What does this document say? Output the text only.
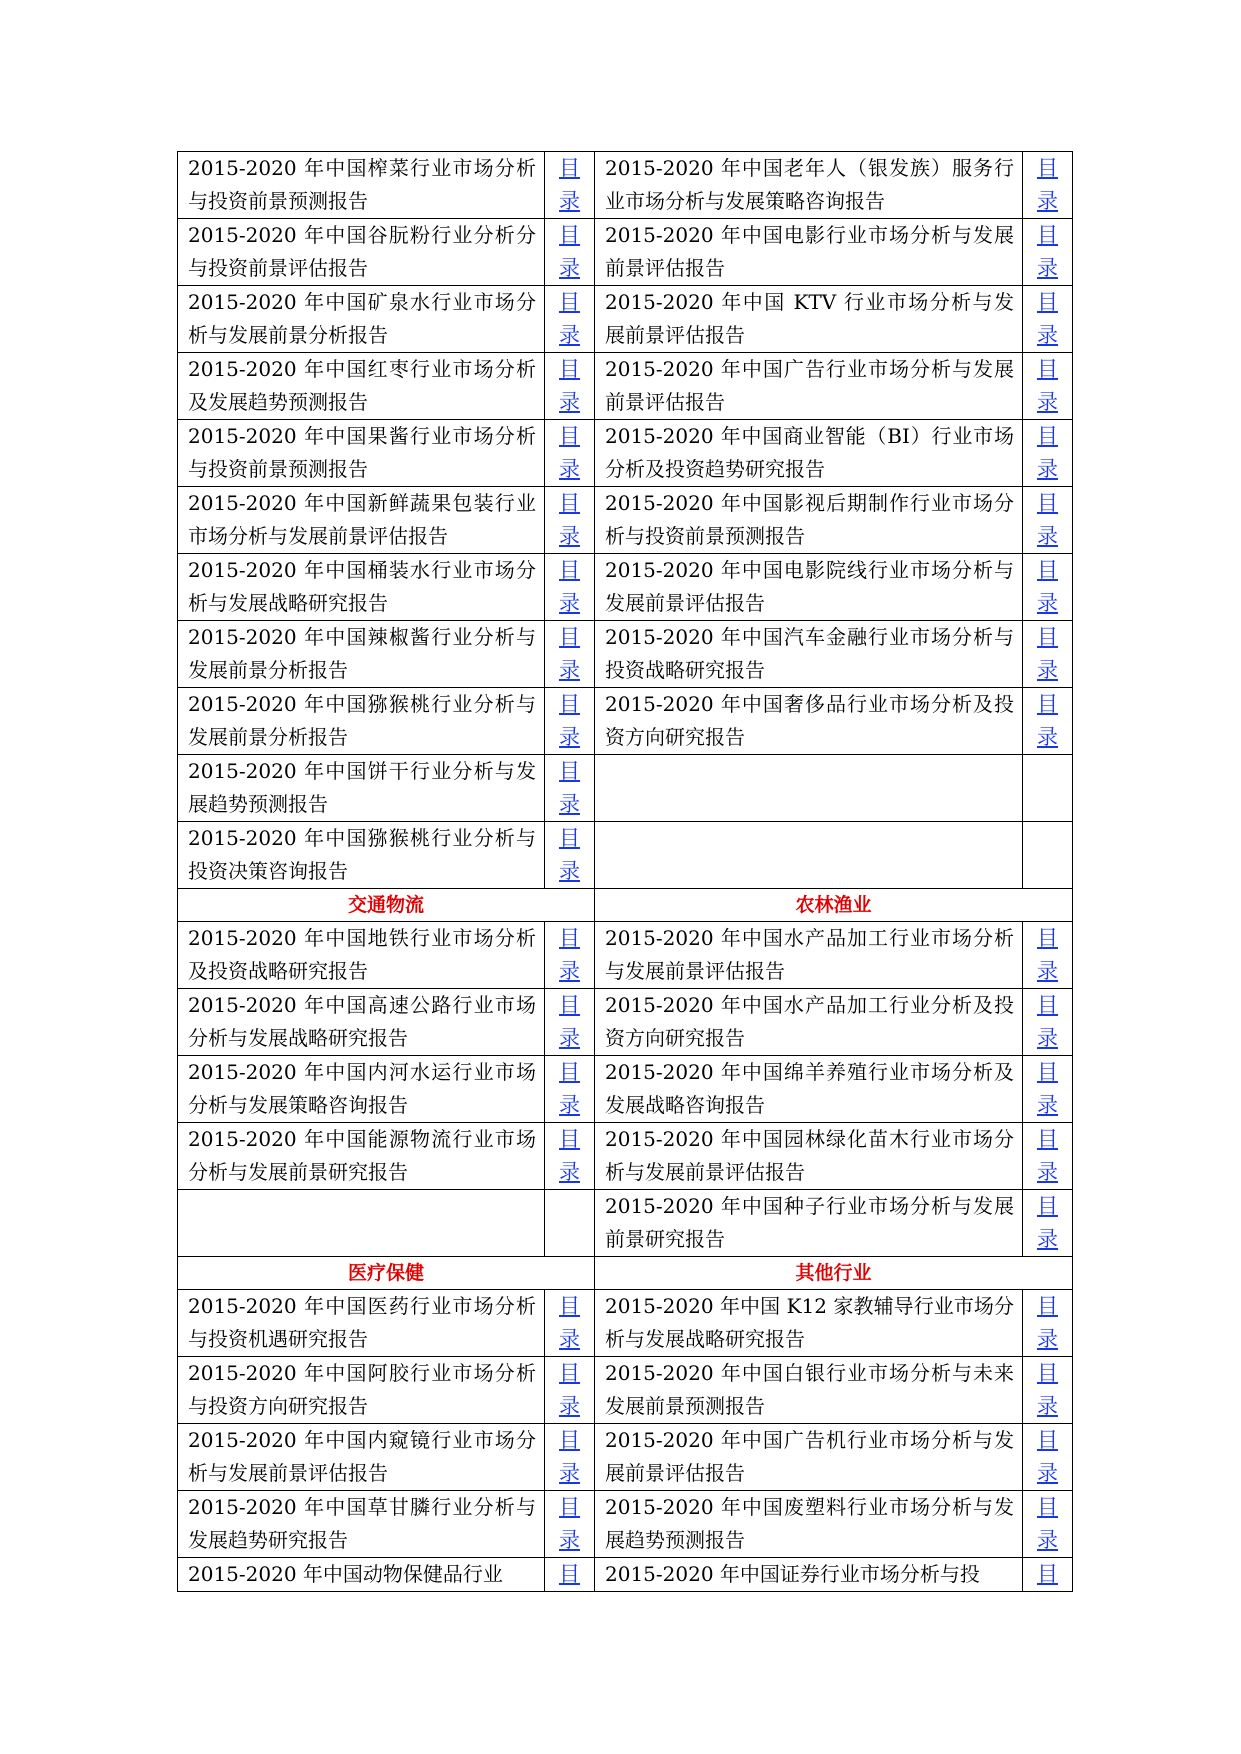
2015-2020 年中国榨菜行业市场分析与投资前景预测报告	目录	2015-2020 年中国老年人（银发族）服务行业市场分析与发展策略咨询报告	目录
2015-2020 年中国谷朊粉行业分析分与投资前景评估报告	目录	2015-2020 年中国电影行业市场分析与发展前景评估报告	目录
2015-2020 年中国矿泉水行业市场分析与发展前景分析报告	目录	2015-2020 年中国 KTV 行业市场分析与发展前景评估报告	目录
2015-2020 年中国红枣行业市场分析及发展趋势预测报告	目录	2015-2020 年中国广告行业市场分析与发展前景评估报告	目录
2015-2020 年中国果酱行业市场分析与投资前景预测报告	目录	2015-2020 年中国商业智能（BI）行业市场分析及投资趋势研究报告	目录
2015-2020 年中国新鲜蔬果包装行业市场分析与发展前景评估报告	目录	2015-2020 年中国影视后期制作行业市场分析与投资前景预测报告	目录
2015-2020 年中国桶装水行业市场分析与发展战略研究报告	目录	2015-2020 年中国电影院线行业市场分析与发展前景评估报告	目录
2015-2020 年中国辣椒酱行业分析与发展前景分析报告	目录	2015-2020 年中国汽车金融行业市场分析与投资战略研究报告	目录
2015-2020 年中国猕猴桃行业分析与发展前景分析报告	目录	2015-2020 年中国奢侈品行业市场分析及投资方向研究报告	目录
2015-2020 年中国饼干行业分析与发展趋势预测报告	目录		
2015-2020 年中国猕猴桃行业分析与投资决策咨询报告	目录		
交通物流		农林渔业	
2015-2020 年中国地铁行业市场分析及投资战略研究报告	目录	2015-2020 年中国水产品加工行业市场分析与发展前景评估报告	目录
2015-2020 年中国高速公路行业市场分析与发展战略研究报告	目录	2015-2020 年中国水产品加工行业分析及投资方向研究报告	目录
2015-2020 年中国内河水运行业市场分析与发展策略咨询报告	目录	2015-2020 年中国绵羊养殖行业市场分析及发展战略咨询报告	目录
2015-2020 年中国能源物流行业市场分析与发展前景研究报告	目录	2015-2020 年中国园林绿化苗木行业市场分析与发展前景评估报告	目录
		2015-2020 年中国种子行业市场分析与发展前景研究报告	目录
医疗保健		其他行业	
2015-2020 年中国医药行业市场分析与投资机遇研究报告	目录	2015-2020 年中国 K12 家教辅导行业市场分析与发展战略研究报告	目录
2015-2020 年中国阿胶行业市场分析与投资方向研究报告	目录	2015-2020 年中国白银行业市场分析与未来发展前景预测报告	目录
2015-2020 年中国内窥镜行业市场分析与发展前景评估报告	目录	2015-2020 年中国广告机行业市场分析与发展前景评估报告	目录
2015-2020 年中国草甘膦行业分析与发展趋势研究报告	目录	2015-2020 年中国废塑料行业市场分析与发展趋势预测报告	目录
2015-2020 年中国动物保健品行业	目	2015-2020 年中国证券行业市场分析与投	目
